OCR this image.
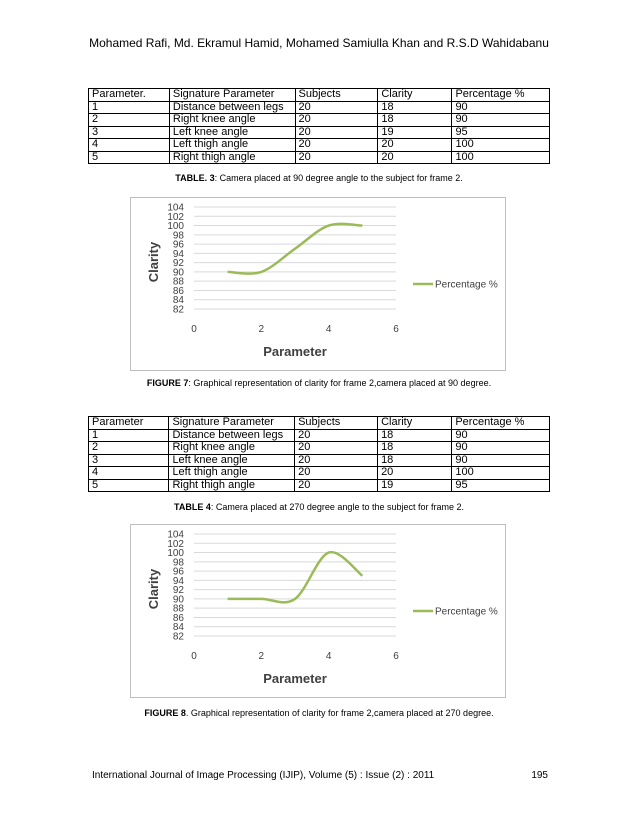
Mohamed Rafi, Md. Ekramul Hamid, Mohamed Samiulla Khan and R.S.D Wahidabanu
Parameter.	Signature Parameter	Subjects	Clarity	Percentage %
1	Distance between legs	20	18	90
2	Right knee angle	20	18	90
3	Left knee angle	20	19	95
4	Left thigh angle	20	20	100
5	Right thigh angle	20	20	100
TABLE. 3: Camera placed at 90 degree angle to the subject for frame 2.
82
84
86
88
90
92
94
96
98
100
102
104
0	2	4	6
Parameter
Clarity
Percentage %
FIGURE 7: Graphical representation of clarity for frame 2,camera placed at 90 degree.
Parameter	Signature Parameter	Subjects	Clarity	Percentage %
1	Distance between legs	20	18	90
2	Right knee angle	20	18	90
3	Left knee angle	20	18	90
4	Left thigh angle	20	20	100
5	Right thigh angle	20	19	95
TABLE 4: Camera placed at 270 degree angle to the subject for frame 2.
82
84
86
88
90
92
94
96
98
100
102
104
0	2	4	6
Parameter
Clarity
Percentage %
FIGURE 8. Graphical representation of clarity for frame 2,camera placed at 270 degree.
International Journal of Image Processing (IJIP), Volume (5) : Issue (2) : 2011	195
